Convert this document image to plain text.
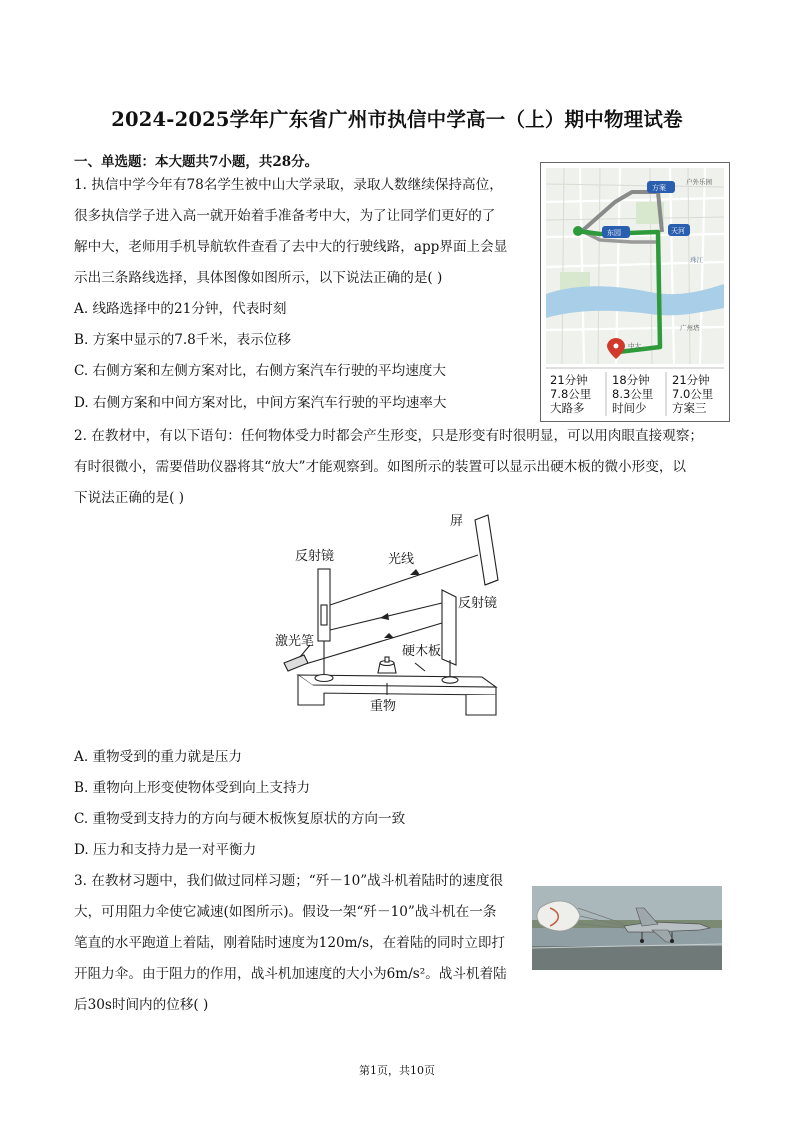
2024-2025学年广东省广州市执信中学高一（上）期中物理试卷
一、单选题：本大题共7小题，共28分。
1. 执信中学今年有78名学生被中山大学录取，录取人数继续保持高位，
很多执信学子进入高一就开始着手准备考中大，为了让同学们更好的了
解中大，老师用手机导航软件查看了去中大的行驶线路，app界面上会显
示出三条路线选择，具体图像如图所示，以下说法正确的是( )
A. 线路选择中的21分钟，代表时刻
B. 方案中显示的7.8千米，表示位移
C. 右侧方案和左侧方案对比，右侧方案汽车行驶的平均速度大
D. 右侧方案和中间方案对比，中间方案汽车行驶的平均速率大
方案
户外乐园
东园	天河
珠江
广州塔
中大
21分钟
7.8公里
大路多
18分钟
8.3公里
时间少
21分钟
7.0公里
方案三
2. 在教材中，有以下语句：任何物体受力时都会产生形变，只是形变有时很明显，可以用肉眼直接观察；
有时很微小，需要借助仪器将其“放大”才能观察到。如图所示的装置可以显示出硬木板的微小形变，以
下说法正确的是( )
屏
反射镜	光线
反射镜
激光笔
硬木板
重物
A. 重物受到的重力就是压力
B. 重物向上形变使物体受到向上支持力
C. 重物受到支持力的方向与硬木板恢复原状的方向一致
D. 压力和支持力是一对平衡力
3. 在教材习题中，我们做过同样习题；“歼－10”战斗机着陆时的速度很
大，可用阻力伞使它减速(如图所示)。假设一架“歼－10”战斗机在一条
笔直的水平跑道上着陆，刚着陆时速度为120m/s，在着陆的同时立即打
开阻力伞。由于阻力的作用，战斗机加速度的大小为6m/s²。战斗机着陆
后30s时间内的位移( )
第1页，共10页
